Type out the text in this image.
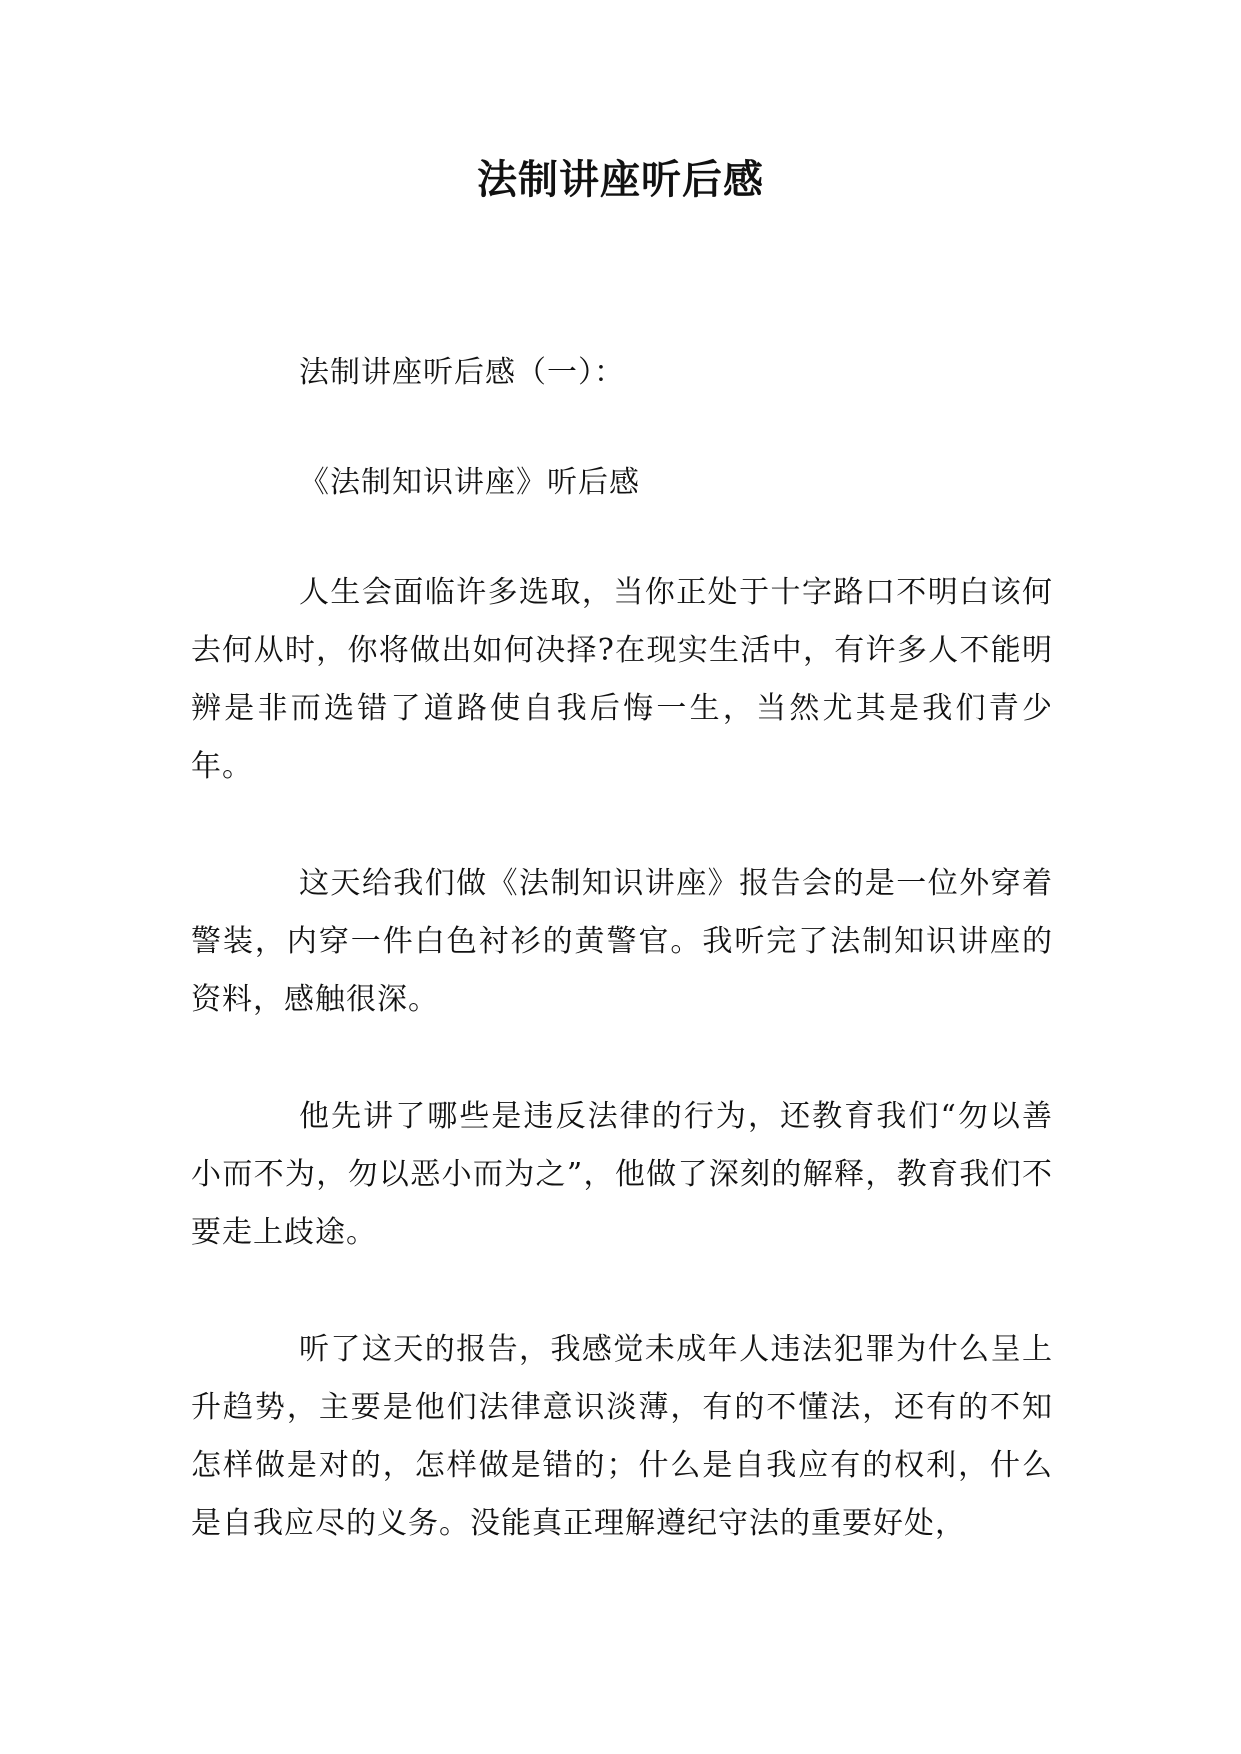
法制讲座听后感

法制讲座听后感（一）：

《法制知识讲座》听后感

人生会面临许多选取，当你正处于十字路口不明白该何去何从时，你将做出如何决择?在现实生活中，有许多人不能明辨是非而选错了道路使自我后悔一生，当然尤其是我们青少年。

这天给我们做《法制知识讲座》报告会的是一位外穿着警装，内穿一件白色衬衫的黄警官。我听完了法制知识讲座的资料，感触很深。

他先讲了哪些是违反法律的行为，还教育我们“勿以善小而不为，勿以恶小而为之”，他做了深刻的解释，教育我们不要走上歧途。

听了这天的报告，我感觉未成年人违法犯罪为什么呈上升趋势，主要是他们法律意识淡薄，有的不懂法，还有的不知怎样做是对的，怎样做是错的；什么是自我应有的权利，什么是自我应尽的义务。没能真正理解遵纪守法的重要好处，
